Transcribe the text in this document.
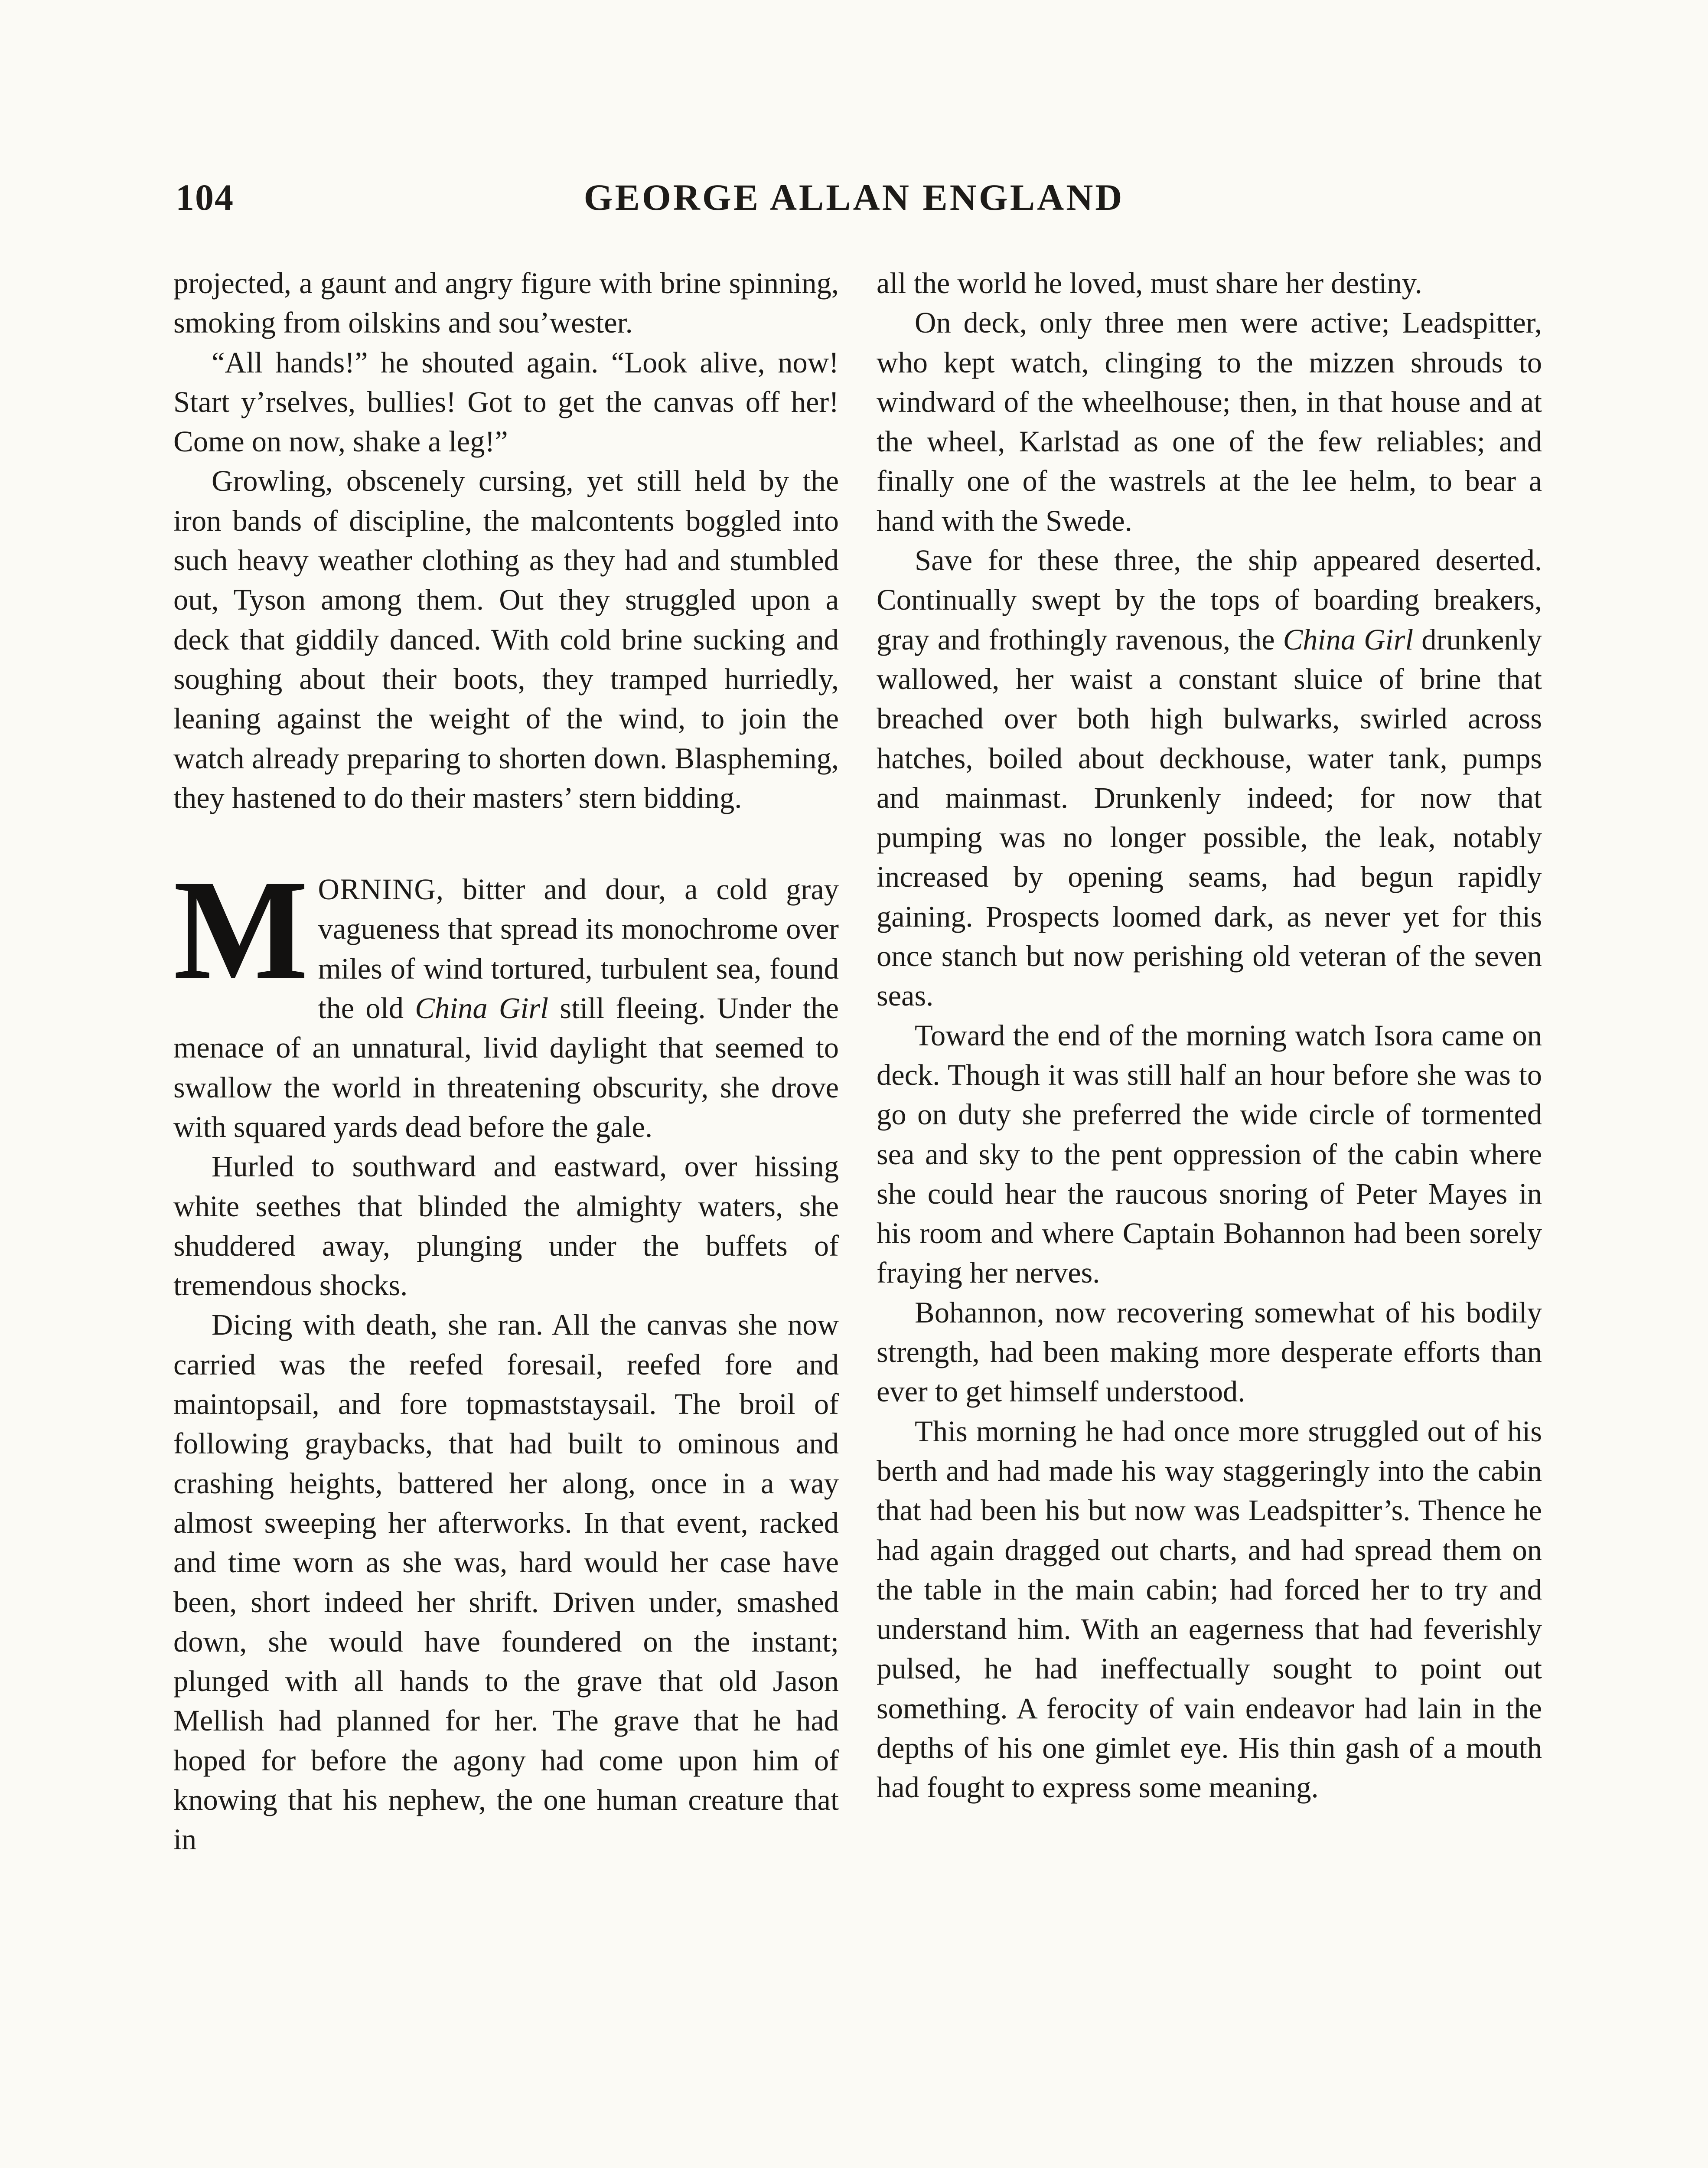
104	GEORGE ALLAN ENGLAND

projected, a gaunt and angry figure with brine spinning, smoking from oilskins and sou’wester.

“All hands!” he shouted again. “Look alive, now! Start y’rselves, bullies! Got to get the canvas off her! Come on now, shake a leg!”

Growling, obscenely cursing, yet still held by the iron bands of discipline, the malcontents boggled into such heavy weather clothing as they had and stumbled out, Tyson among them. Out they struggled upon a deck that giddily danced. With cold brine sucking and soughing about their boots, they tramped hurriedly, leaning against the weight of the wind, to join the watch already preparing to shorten down. Blaspheming, they hastened to do their masters’ stern bidding.

MORNING, bitter and dour, a cold gray vagueness that spread its monochrome over miles of wind tortured, turbulent sea, found the old China Girl still fleeing. Under the menace of an unnatural, livid daylight that seemed to swallow the world in threatening obscurity, she drove with squared yards dead before the gale.

Hurled to southward and eastward, over hissing white seethes that blinded the almighty waters, she shuddered away, plunging under the buffets of tremendous shocks.

Dicing with death, she ran. All the canvas she now carried was the reefed foresail, reefed fore and maintopsail, and fore topmaststaysail. The broil of following graybacks, that had built to ominous and crashing heights, battered her along, once in a way almost sweeping her afterworks. In that event, racked and time worn as she was, hard would her case have been, short indeed her shrift. Driven under, smashed down, she would have foundered on the instant; plunged with all hands to the grave that old Jason Mellish had planned for her. The grave that he had hoped for before the agony had come upon him of knowing that his nephew, the one human creature that in

all the world he loved, must share her destiny.

On deck, only three men were active; Leadspitter, who kept watch, clinging to the mizzen shrouds to windward of the wheelhouse; then, in that house and at the wheel, Karlstad as one of the few reliables; and finally one of the wastrels at the lee helm, to bear a hand with the Swede.

Save for these three, the ship appeared deserted. Continually swept by the tops of boarding breakers, gray and frothingly ravenous, the China Girl drunkenly wallowed, her waist a constant sluice of brine that breached over both high bulwarks, swirled across hatches, boiled about deckhouse, water tank, pumps and mainmast. Drunkenly indeed; for now that pumping was no longer possible, the leak, notably increased by opening seams, had begun rapidly gaining. Prospects loomed dark, as never yet for this once stanch but now perishing old veteran of the seven seas.

Toward the end of the morning watch Isora came on deck. Though it was still half an hour before she was to go on duty she preferred the wide circle of tormented sea and sky to the pent oppression of the cabin where she could hear the raucous snoring of Peter Mayes in his room and where Captain Bohannon had been sorely fraying her nerves.

Bohannon, now recovering somewhat of his bodily strength, had been making more desperate efforts than ever to get himself understood.

This morning he had once more struggled out of his berth and had made his way staggeringly into the cabin that had been his but now was Leadspitter’s. Thence he had again dragged out charts, and had spread them on the table in the main cabin; had forced her to try and understand him. With an eagerness that had feverishly pulsed, he had ineffectually sought to point out something. A ferocity of vain endeavor had lain in the depths of his one gimlet eye. His thin gash of a mouth had fought to express some meaning.
